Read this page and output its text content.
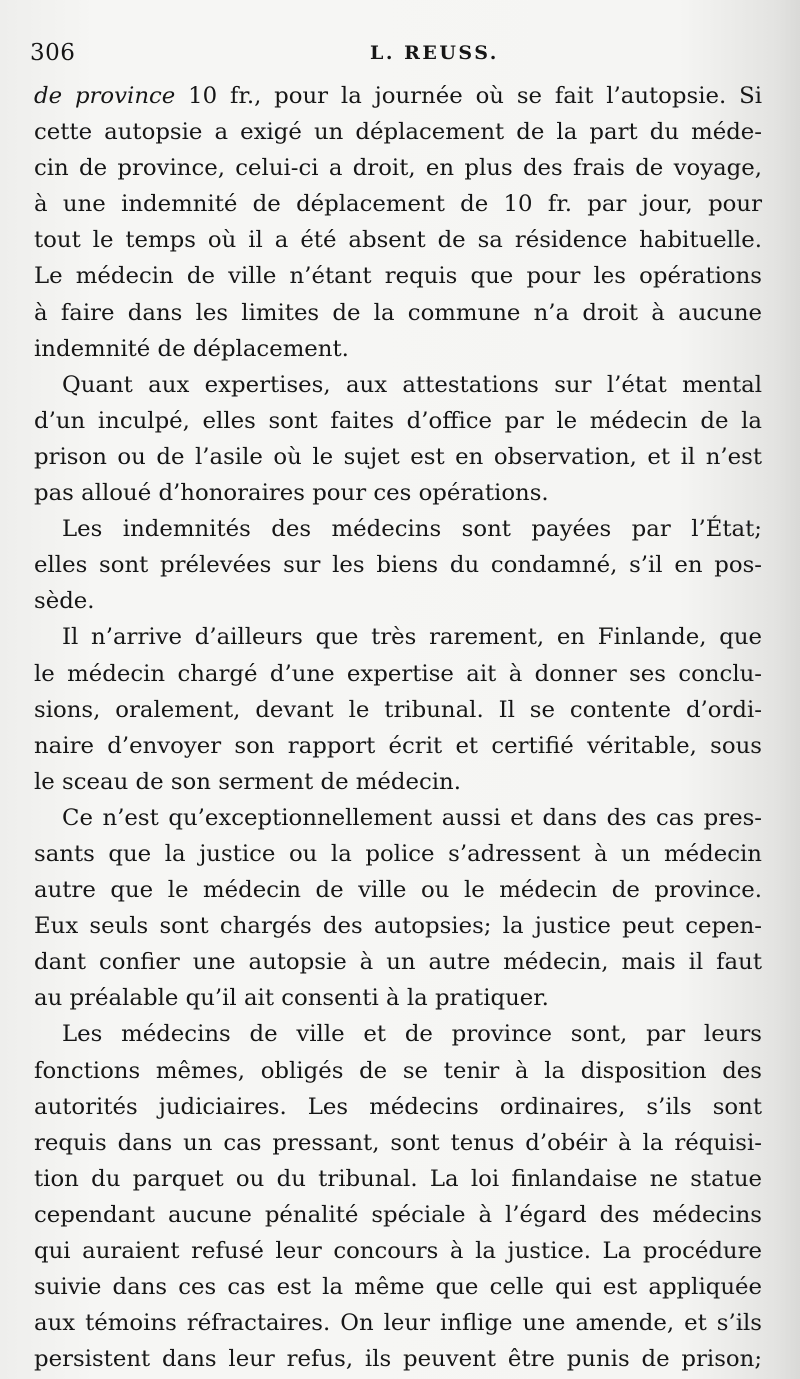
306	L. REUSS.
de province 10 fr., pour la journée où se fait l’autopsie. Si
cette autopsie a exigé un déplacement de la part du méde-
cin de province, celui-ci a droit, en plus des frais de voyage,
à une indemnité de déplacement de 10 fr. par jour, pour
tout le temps où il a été absent de sa résidence habituelle.
Le médecin de ville n’étant requis que pour les opérations
à faire dans les limites de la commune n’a droit à aucune
indemnité de déplacement.
Quant aux expertises, aux attestations sur l’état mental
d’un inculpé, elles sont faites d’office par le médecin de la
prison ou de l’asile où le sujet est en observation, et il n’est
pas alloué d’honoraires pour ces opérations.
Les indemnités des médecins sont payées par l’État;
elles sont prélevées sur les biens du condamné, s’il en pos-
sède.
Il n’arrive d’ailleurs que très rarement, en Finlande, que
le médecin chargé d’une expertise ait à donner ses conclu-
sions, oralement, devant le tribunal. Il se contente d’ordi-
naire d’envoyer son rapport écrit et certifié véritable, sous
le sceau de son serment de médecin.
Ce n’est qu’exceptionnellement aussi et dans des cas pres-
sants que la justice ou la police s’adressent à un médecin
autre que le médecin de ville ou le médecin de province.
Eux seuls sont chargés des autopsies; la justice peut cepen-
dant confier une autopsie à un autre médecin, mais il faut
au préalable qu’il ait consenti à la pratiquer.
Les médecins de ville et de province sont, par leurs
fonctions mêmes, obligés de se tenir à la disposition des
autorités judiciaires. Les médecins ordinaires, s’ils sont
requis dans un cas pressant, sont tenus d’obéir à la réquisi-
tion du parquet ou du tribunal. La loi finlandaise ne statue
cependant aucune pénalité spéciale à l’égard des médecins
qui auraient refusé leur concours à la justice. La procédure
suivie dans ces cas est la même que celle qui est appliquée
aux témoins réfractaires. On leur inflige une amende, et s’ils
persistent dans leur refus, ils peuvent être punis de prison;
